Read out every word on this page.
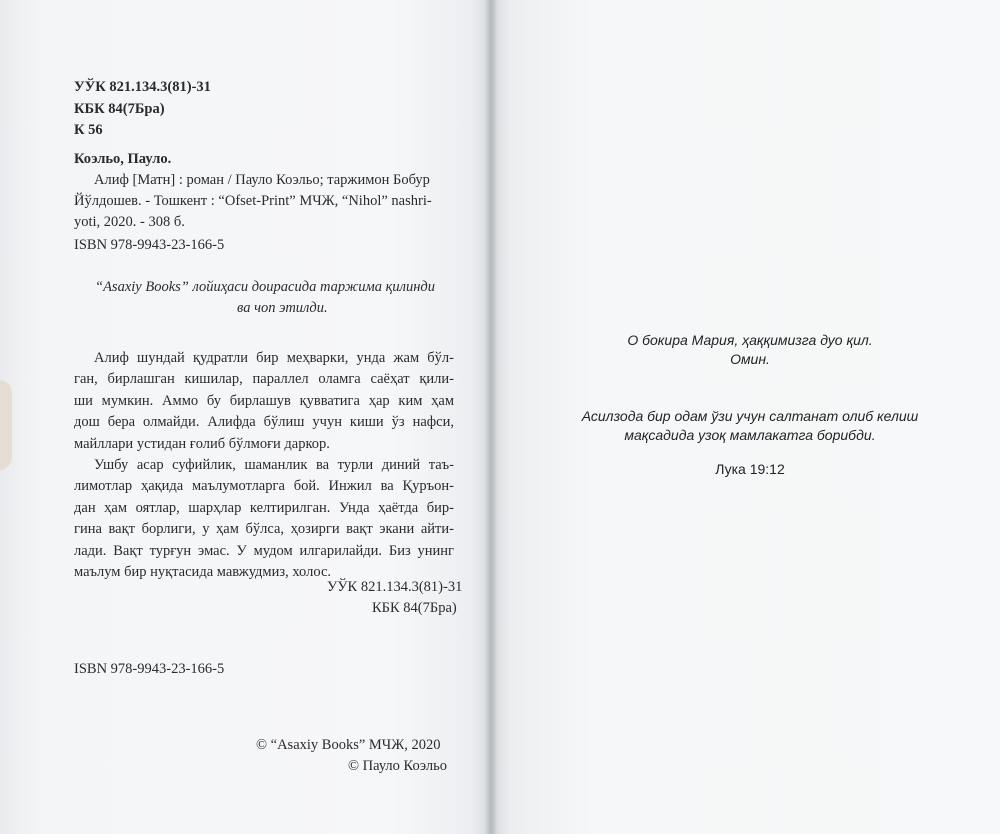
УЎК 821.134.3(81)-31
КБК 84(7Бра)
К 56
Коэльо, Пауло.
Алиф [Матн] : роман / Пауло Коэльо; таржимон Бобур
Йўлдошев. - Тошкент : “Ofset-Print” МЧЖ, “Nihol” nashri-
yoti, 2020. - 308 б.
ISBN 978-9943-23-166-5
“Asaxiy Books” лойиҳаси доирасида таржима қилинди
ва чоп этилди.
Алиф шундай қудратли бир меҳварки, унда жам бўл-
ган, бирлашган кишилар, параллел оламга саёҳат қили-
ши мумкин. Аммо бу бирлашув қувватига ҳар ким ҳам
дош бера олмайди. Алифда бўлиш учун киши ўз нафси,
майллари устидан ғолиб бўлмоғи даркор.
Ушбу асар суфийлик, шаманлик ва турли диний таъ-
лимотлар ҳақида маълумотларга бой. Инжил ва Қуръон-
дан ҳам оятлар, шарҳлар келтирилган. Унда ҳаётда бир-
гина вақт борлиги, у ҳам бўлса, ҳозирги вақт экани айти-
лади. Вақт турғун эмас. У мудом илгарилайди. Биз унинг
маълум бир нуқтасида мавжудмиз, холос.
УЎК 821.134.3(81)-31
КБК 84(7Бра)
ISBN 978-9943-23-166-5
© “Asaxiy Books” МЧЖ, 2020
© Пауло Коэльо
О бокира Мария, ҳаққимизга дуо қил.
Омин.
Асилзода бир одам ўзи учун салтанат олиб келиш
мақсадида узоқ мамлакатга борибди.
Лука 19:12
